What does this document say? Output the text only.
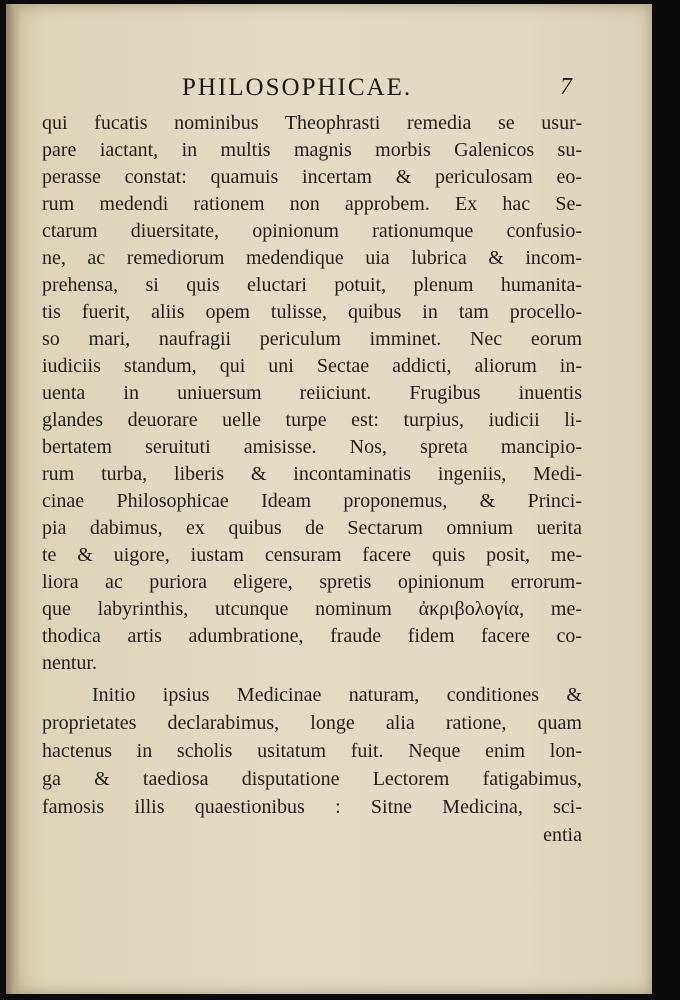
PHILOSOPHICAE.	7
qui fucatis nominibus Theophrasti remedia se usur-
pare iactant, in multis magnis morbis Galenicos su-
perasse constat: quamuis incertam & periculosam eo-
rum medendi rationem non approbem. Ex hac Se-
ctarum diuersitate, opinionum rationumque confusio-
ne, ac remediorum medendique uia lubrica & incom-
prehensa, si quis eluctari potuit, plenum humanita-
tis fuerit, aliis opem tulisse, quibus in tam procello-
so mari, naufragii periculum imminet. Nec eorum
iudiciis standum, qui uni Sectae addicti, aliorum in-
uenta in uniuersum reiiciunt. Frugibus inuentis
glandes deuorare uelle turpe est: turpius, iudicii li-
bertatem seruituti amisisse. Nos, spreta mancipio-
rum turba, liberis & incontaminatis ingeniis, Medi-
cinae Philosophicae Ideam proponemus, & Princi-
pia dabimus, ex quibus de Sectarum omnium uerita
te & uigore, iustam censuram facere quis posit, me-
liora ac puriora eligere, spretis opinionum errorum-
que labyrinthis, utcunque nominum ἀκριβολογία, me-
thodica artis adumbratione, fraude fidem facere co-
nentur.
Initio ipsius Medicinae naturam, conditiones &
proprietates declarabimus, longe alia ratione, quam
hactenus in scholis usitatum fuit. Neque enim lon-
ga & taediosa disputatione Lectorem fatigabimus,
famosis illis quaestionibus : Sitne Medicina, sci-
entia
